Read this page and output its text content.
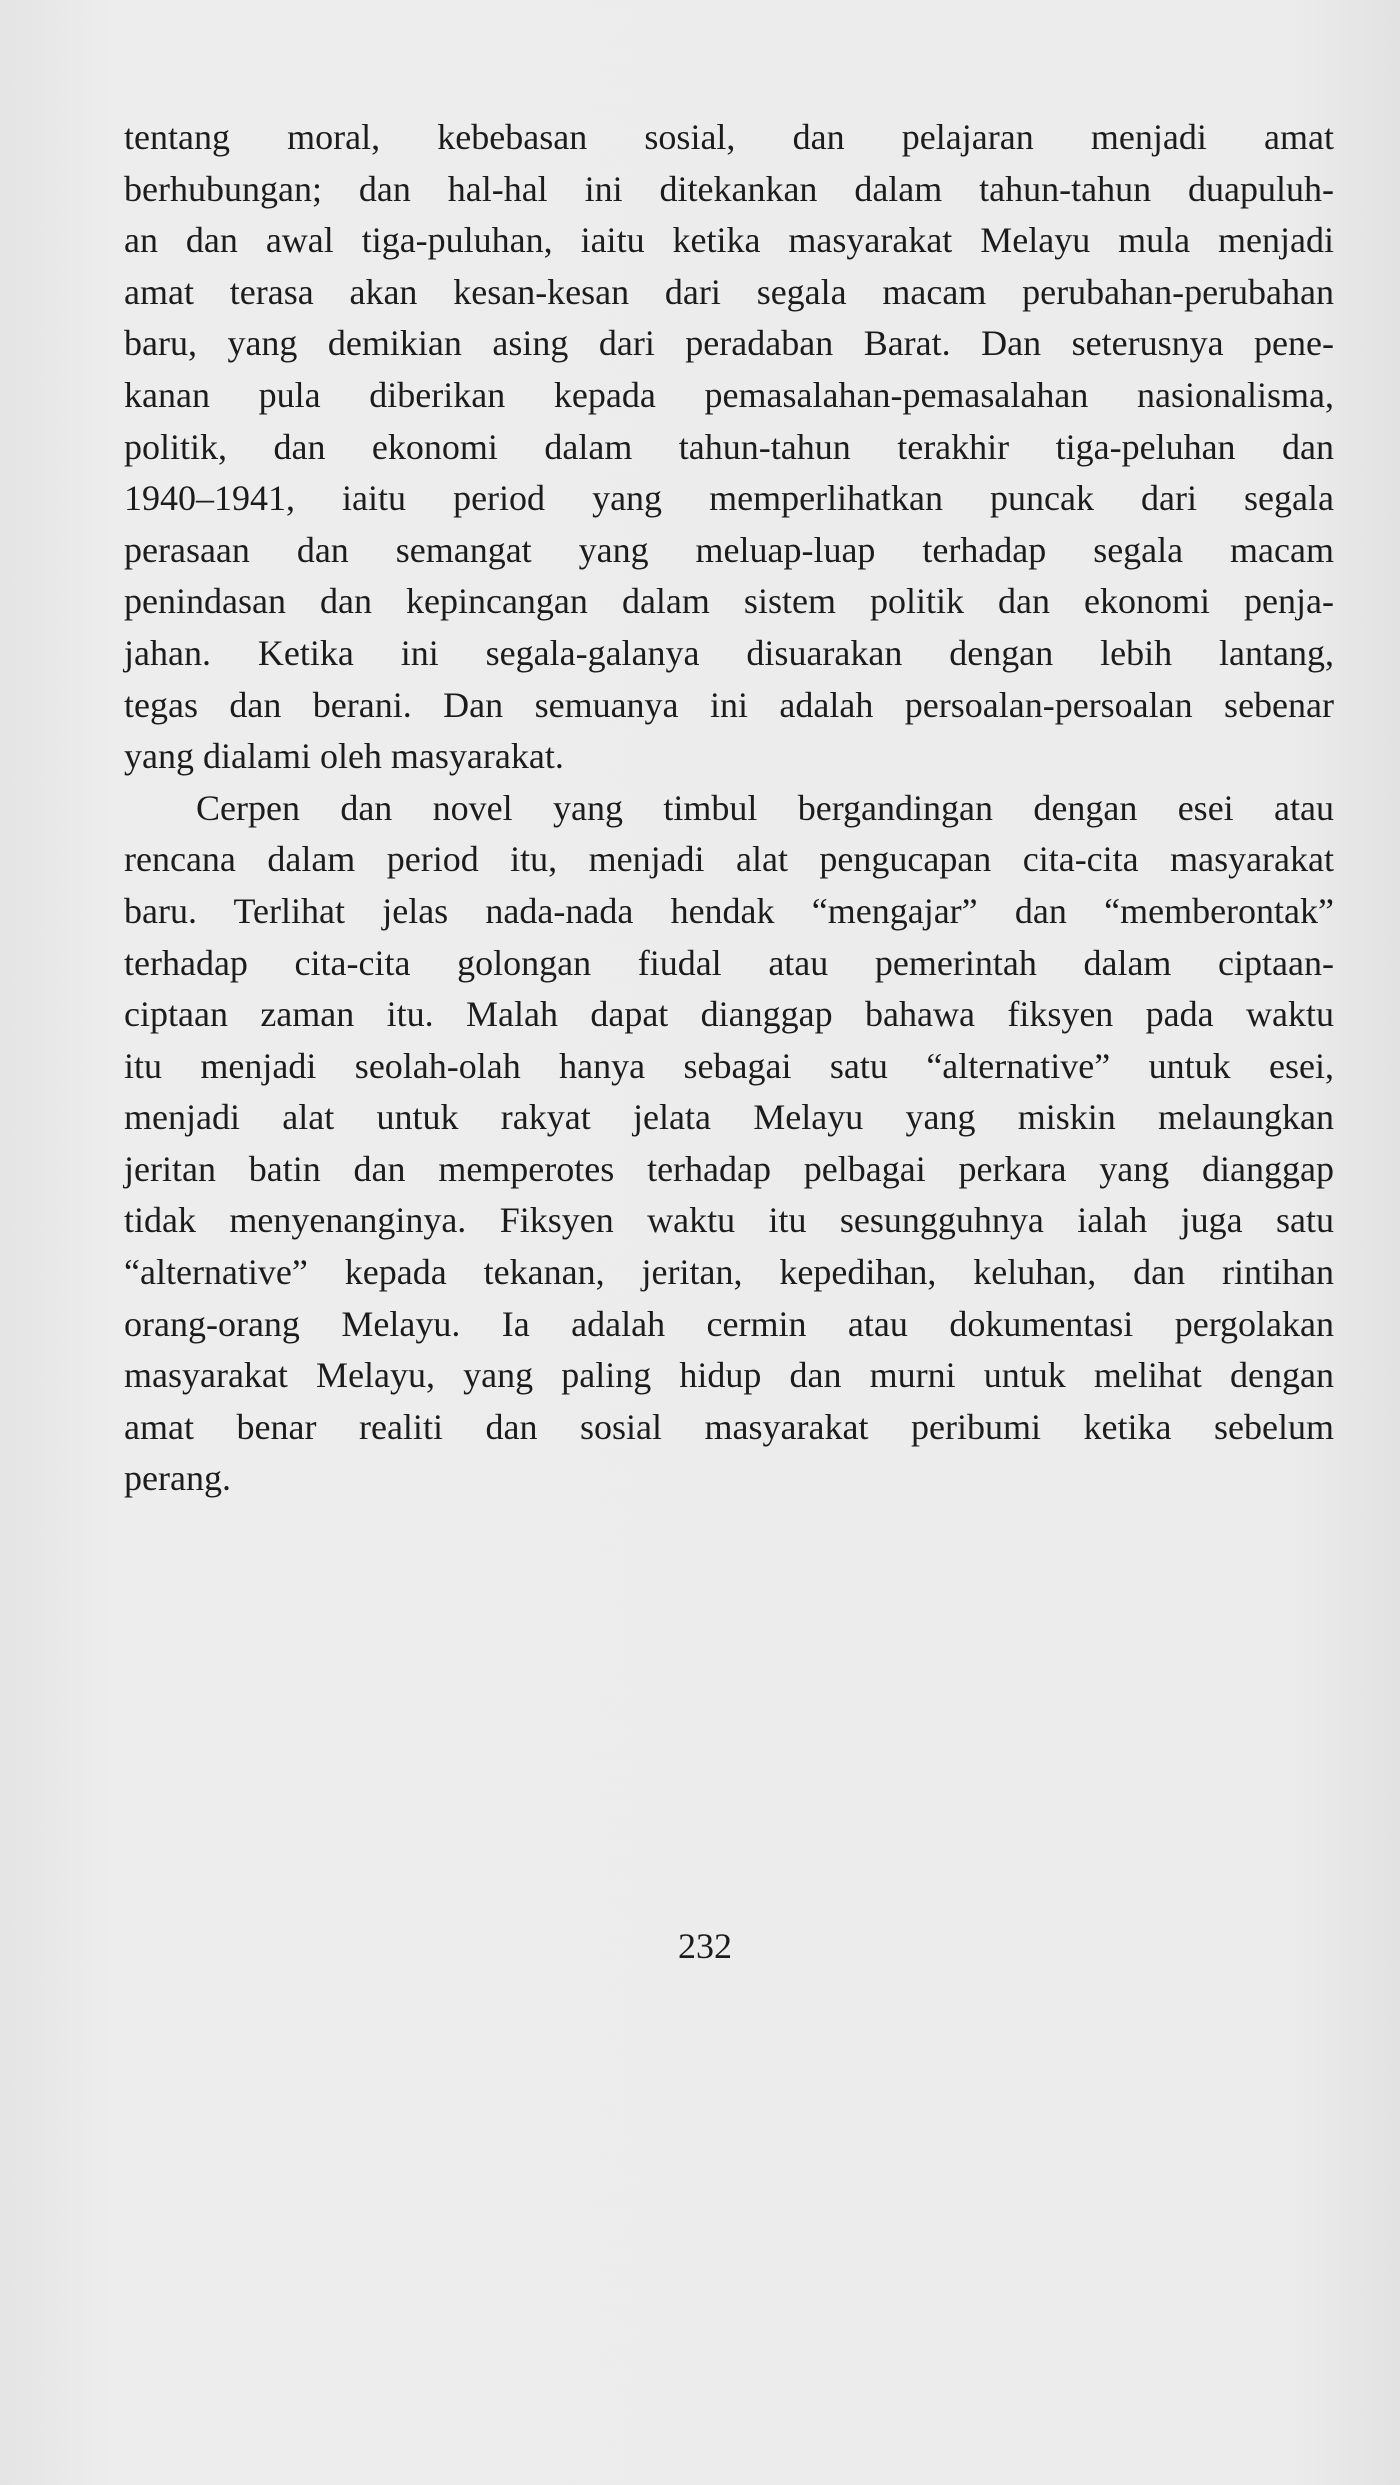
tentang moral, kebebasan sosial, dan pelajaran menjadi amat
berhubungan; dan hal-hal ini ditekankan dalam tahun-tahun duapuluh-
an dan awal tiga-puluhan, iaitu ketika masyarakat Melayu mula menjadi
amat terasa akan kesan-kesan dari segala macam perubahan-perubahan
baru, yang demikian asing dari peradaban Barat. Dan seterusnya pene-
kanan pula diberikan kepada pemasalahan-pemasalahan nasionalisma,
politik, dan ekonomi dalam tahun-tahun terakhir tiga-peluhan dan
1940–1941, iaitu period yang memperlihatkan puncak dari segala
perasaan dan semangat yang meluap-luap terhadap segala macam
penindasan dan kepincangan dalam sistem politik dan ekonomi penja-
jahan. Ketika ini segala-galanya disuarakan dengan lebih lantang,
tegas dan berani. Dan semuanya ini adalah persoalan-persoalan sebenar
yang dialami oleh masyarakat.
Cerpen dan novel yang timbul bergandingan dengan esei atau
rencana dalam period itu, menjadi alat pengucapan cita-cita masyarakat
baru. Terlihat jelas nada-nada hendak “mengajar” dan “memberontak”
terhadap cita-cita golongan fiudal atau pemerintah dalam ciptaan-
ciptaan zaman itu. Malah dapat dianggap bahawa fiksyen pada waktu
itu menjadi seolah-olah hanya sebagai satu “alternative” untuk esei,
menjadi alat untuk rakyat jelata Melayu yang miskin melaungkan
jeritan batin dan memperotes terhadap pelbagai perkara yang dianggap
tidak menyenanginya. Fiksyen waktu itu sesungguhnya ialah juga satu
“alternative” kepada tekanan, jeritan, kepedihan, keluhan, dan rintihan
orang-orang Melayu. Ia adalah cermin atau dokumentasi pergolakan
masyarakat Melayu, yang paling hidup dan murni untuk melihat dengan
amat benar realiti dan sosial masyarakat peribumi ketika sebelum
perang.
232
